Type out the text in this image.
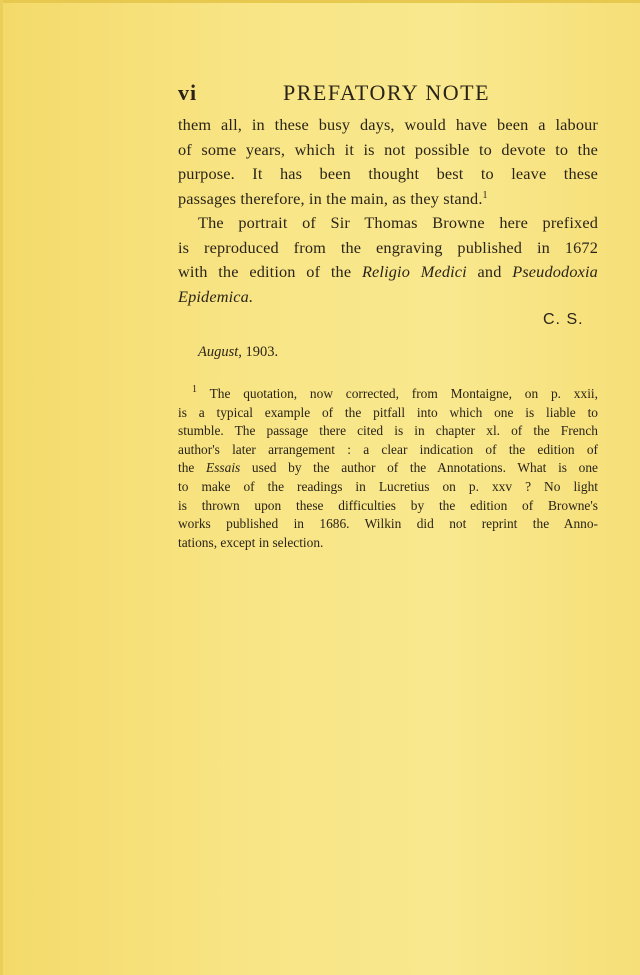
vi	PREFATORY NOTE
them all, in these busy days, would have been a labour
of some years, which it is not possible to devote to the
purpose. It has been thought best to leave these
passages therefore, in the main, as they stand.$^1$
The portrait of Sir Thomas Browne here prefixed
is reproduced from the engraving published in 1672
with the edition of the Religio Medici and Pseudodoxia
Epidemica.
C. S.
August, 1903.
$^1$ The quotation, now corrected, from Montaigne, on p. xxii,
is a typical example of the pitfall into which one is liable to
stumble. The passage there cited is in chapter xl. of the French
author's later arrangement : a clear indication of the edition of
the Essais used by the author of the Annotations. What is one
to make of the readings in Lucretius on p. xxv ? No light
is thrown upon these difficulties by the edition of Browne's
works published in 1686. Wilkin did not reprint the Anno-
tations, except in selection.
